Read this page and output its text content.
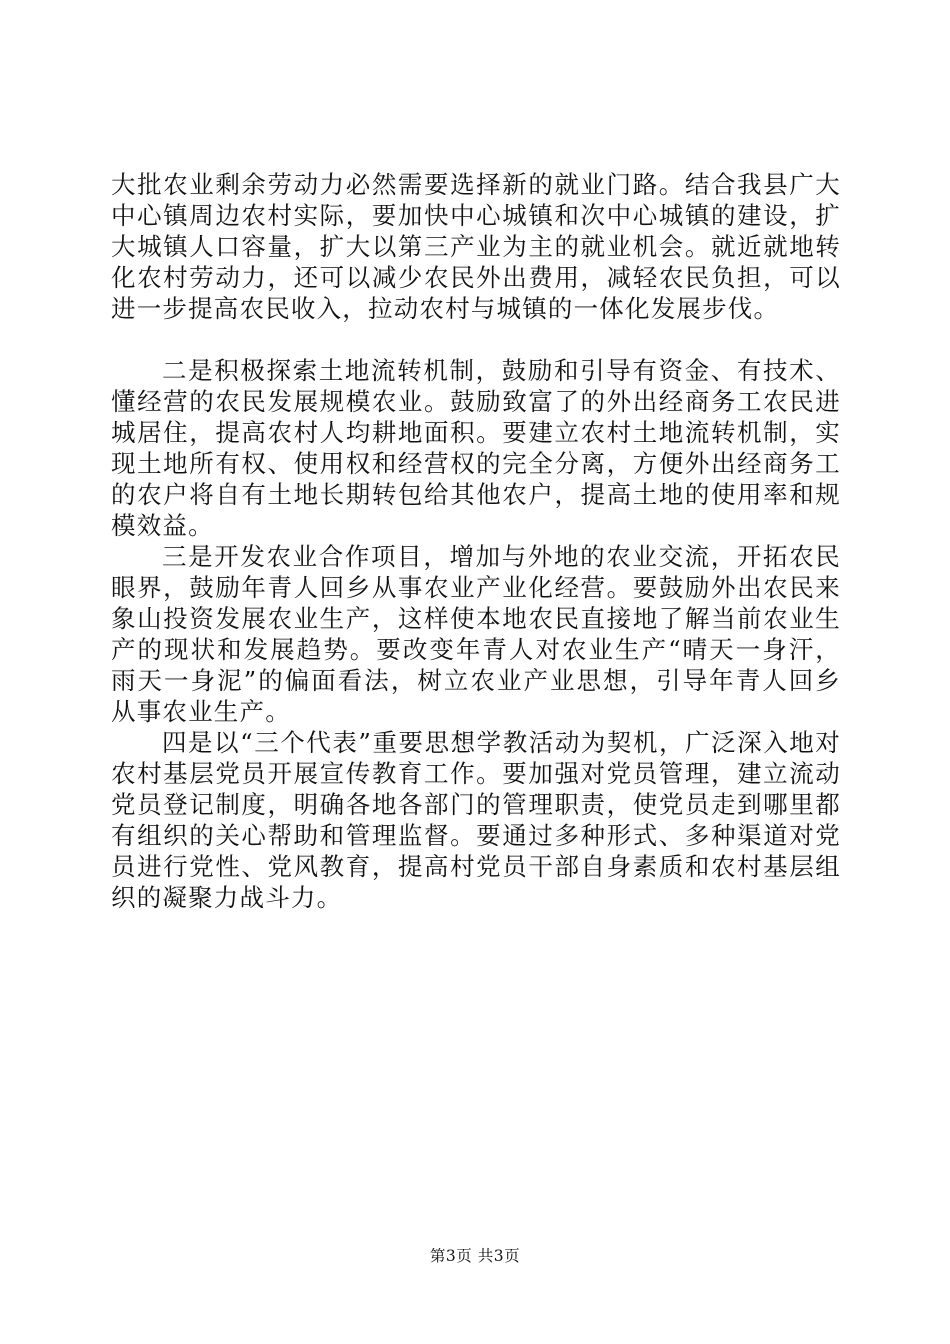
大批农业剩余劳动力必然需要选择新的就业门路。结合我县广大中心镇周边农村实际，要加快中心城镇和次中心城镇的建设，扩大城镇人口容量，扩大以第三产业为主的就业机会。就近就地转化农村劳动力，还可以减少农民外出费用，减轻农民负担，可以进一步提高农民收入，拉动农村与城镇的一体化发展步伐。

二是积极探索土地流转机制，鼓励和引导有资金、有技术、懂经营的农民发展规模农业。鼓励致富了的外出经商务工农民进城居住，提高农村人均耕地面积。要建立农村土地流转机制，实现土地所有权、使用权和经营权的完全分离，方便外出经商务工的农户将自有土地长期转包给其他农户，提高土地的使用率和规模效益。

三是开发农业合作项目，增加与外地的农业交流，开拓农民眼界，鼓励年青人回乡从事农业产业化经营。要鼓励外出农民来象山投资发展农业生产，这样使本地农民直接地了解当前农业生产的现状和发展趋势。要改变年青人对农业生产“晴天一身汗，雨天一身泥”的偏面看法，树立农业产业思想，引导年青人回乡从事农业生产。

四是以“三个代表”重要思想学教活动为契机，广泛深入地对农村基层党员开展宣传教育工作。要加强对党员管理，建立流动党员登记制度，明确各地各部门的管理职责，使党员走到哪里都有组织的关心帮助和管理监督。要通过多种形式、多种渠道对党员进行党性、党风教育，提高村党员干部自身素质和农村基层组织的凝聚力战斗力。

第3页 共3页
